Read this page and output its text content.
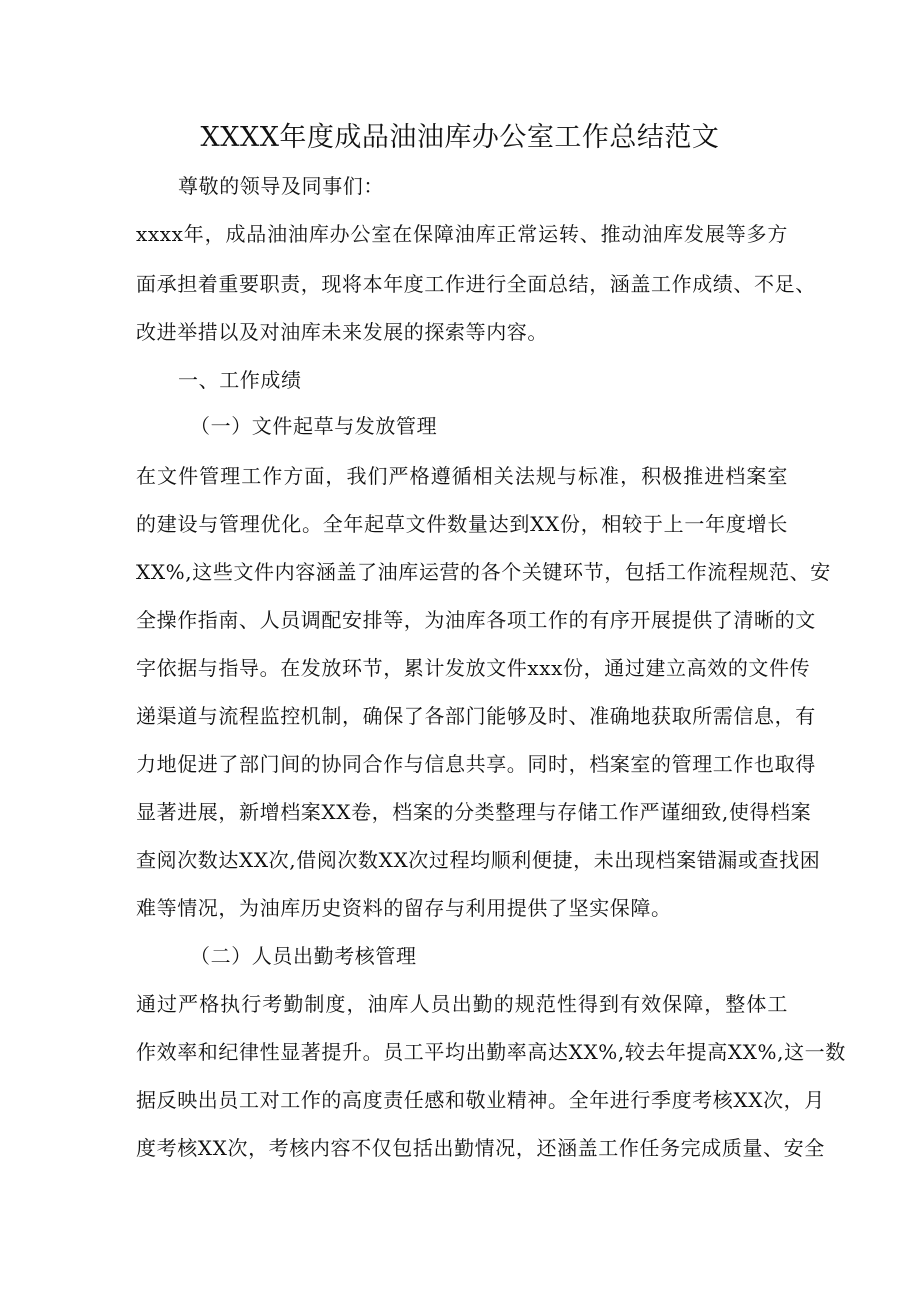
XXXX年度成品油油库办公室工作总结范文
尊敬的领导及同事们：
xxxx年，成品油油库办公室在保障油库正常运转、推动油库发展等多方
面承担着重要职责，现将本年度工作进行全面总结，涵盖工作成绩、不足、
改进举措以及对油库未来发展的探索等内容。
一、工作成绩
（一）文件起草与发放管理
在文件管理工作方面，我们严格遵循相关法规与标准，积极推进档案室
的建设与管理优化。全年起草文件数量达到XX份，相较于上一年度增长
XX%,这些文件内容涵盖了油库运营的各个关键环节，包括工作流程规范、安
全操作指南、人员调配安排等，为油库各项工作的有序开展提供了清晰的文
字依据与指导。在发放环节，累计发放文件xxx份，通过建立高效的文件传
递渠道与流程监控机制，确保了各部门能够及时、准确地获取所需信息，有
力地促进了部门间的协同合作与信息共享。同时，档案室的管理工作也取得
显著进展，新增档案XX卷，档案的分类整理与存储工作严谨细致,使得档案
查阅次数达XX次,借阅次数XX次过程均顺利便捷，未出现档案错漏或查找困
难等情况，为油库历史资料的留存与利用提供了坚实保障。
（二）人员出勤考核管理
通过严格执行考勤制度，油库人员出勤的规范性得到有效保障，整体工
作效率和纪律性显著提升。员工平均出勤率高达XX%,较去年提高XX%,这一数
据反映出员工对工作的高度责任感和敬业精神。全年进行季度考核XX次，月
度考核XX次，考核内容不仅包括出勤情况，还涵盖工作任务完成质量、安全
